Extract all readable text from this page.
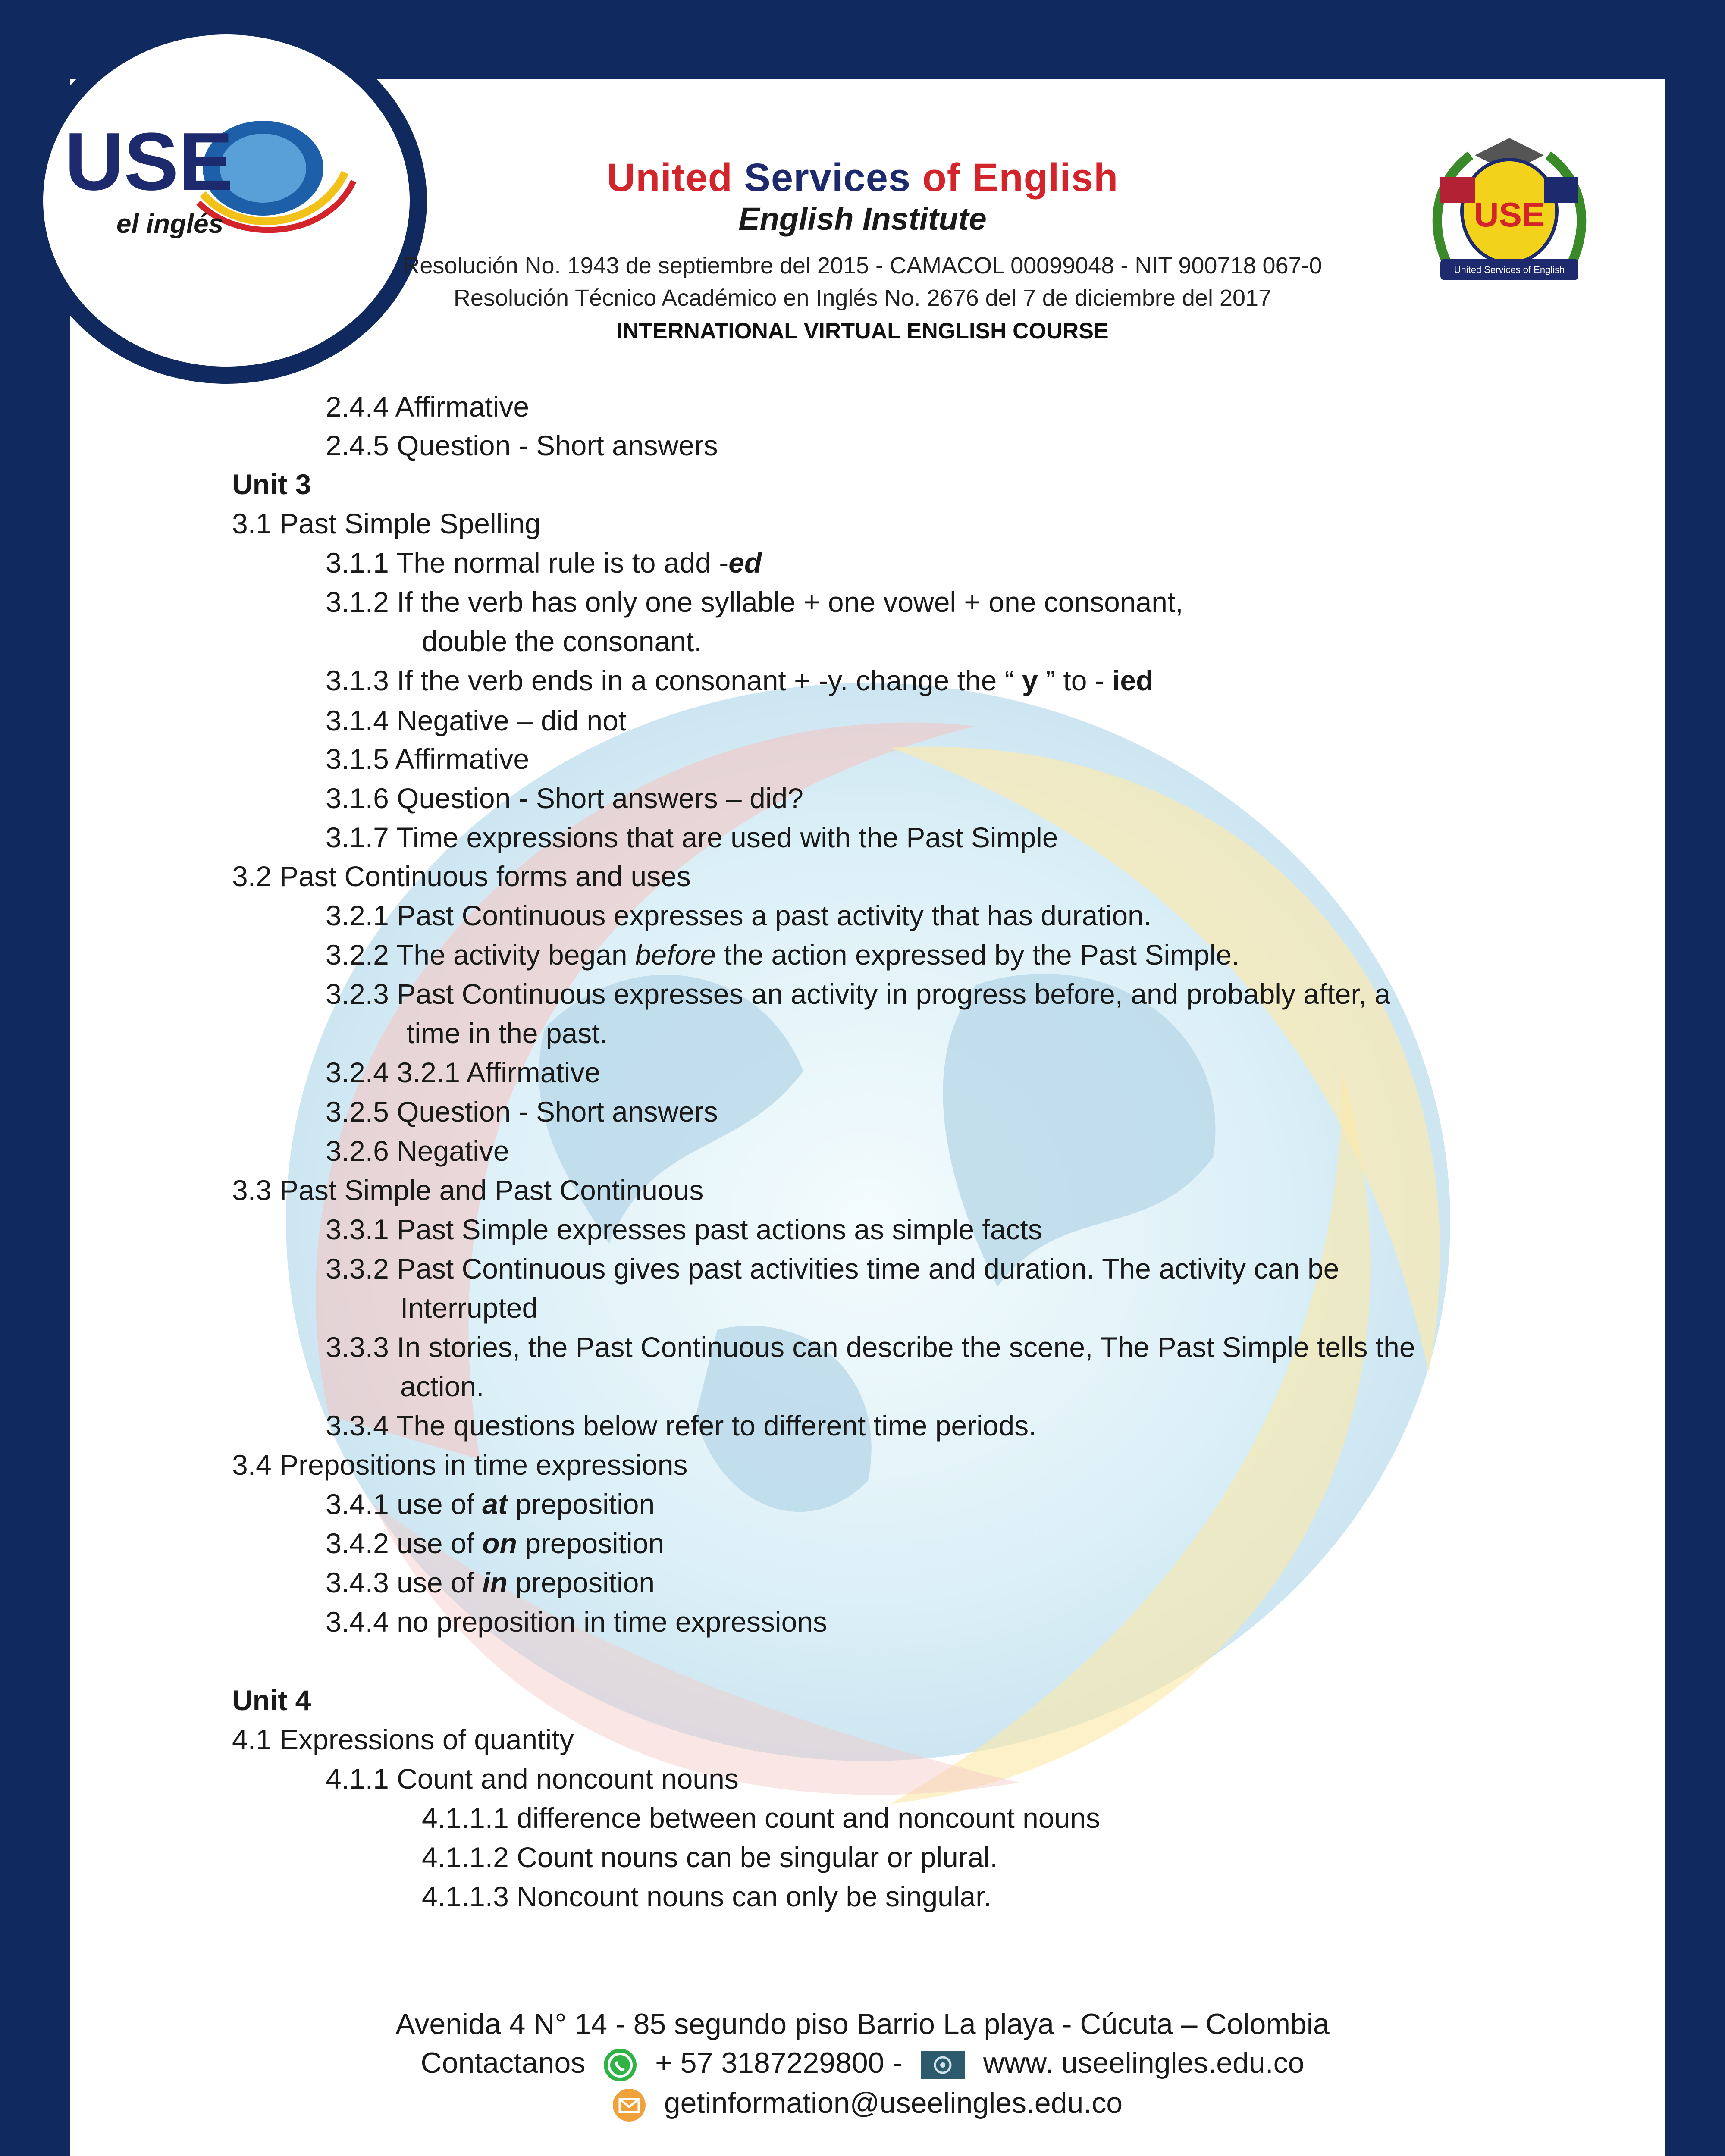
USE
el inglés	USE
United Services of English
United Services of English
English Institute
Resolución No. 1943 de septiembre del 2015 - CAMACOL 00099048 - NIT 900718 067-0
Resolución Técnico Académico en Inglés No. 2676 del 7 de diciembre del 2017
INTERNATIONAL VIRTUAL ENGLISH COURSE
2.4.4 Affirmative
2.4.5 Question - Short answers
Unit 3
3.1 Past Simple Spelling
3.1.1 The normal rule is to add -ed
3.1.2 If the verb has only one syllable + one vowel + one consonant,
double the consonant.
3.1.3 If the verb ends in a consonant + -y. change the “ y ” to - ied
3.1.4 Negative – did not
3.1.5 Affirmative
3.1.6 Question - Short answers – did?
3.1.7 Time expressions that are used with the Past Simple
3.2 Past Continuous forms and uses
3.2.1 Past Continuous expresses a past activity that has duration.
3.2.2 The activity began before the action expressed by the Past Simple.
3.2.3 Past Continuous expresses an activity in progress before, and probably after, a
time in the past.
3.2.4 3.2.1 Affirmative
3.2.5 Question - Short answers
3.2.6 Negative
3.3 Past Simple and Past Continuous
3.3.1 Past Simple expresses past actions as simple facts
3.3.2 Past Continuous gives past activities time and duration. The activity can be
Interrupted
3.3.3 In stories, the Past Continuous can describe the scene, The Past Simple tells the
action.
3.3.4 The questions below refer to different time periods.
3.4 Prepositions in time expressions
3.4.1 use of at preposition
3.4.2 use of on preposition
3.4.3 use of in preposition
3.4.4 no preposition in time expressions
Unit 4
4.1 Expressions of quantity
4.1.1 Count and noncount nouns
4.1.1.1 difference between count and noncount nouns
4.1.1.2 Count nouns can be singular or plural.
4.1.1.3 Noncount nouns can only be singular.
Avenida 4 N° 14 - 85 segundo piso Barrio La playa - Cúcuta – Colombia
Contactanos + 57 3187229800 -	www. useelingles.edu.co
getinformation@useelingles.edu.co
